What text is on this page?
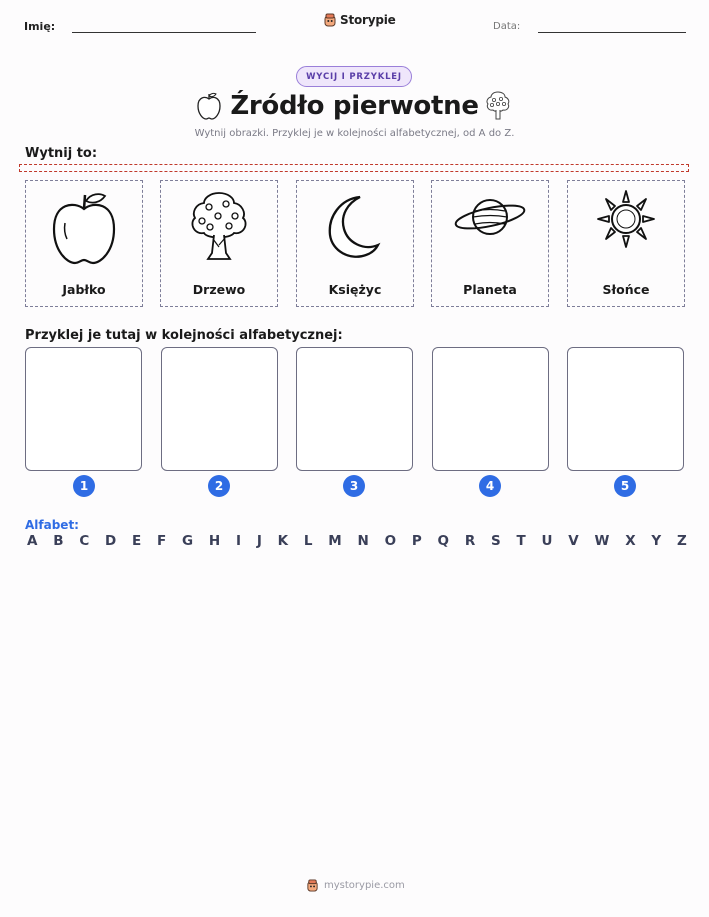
Imię:	Storypie	Data:
WYCIJ I PRZYKLEJ
Źródło pierwotne
Wytnij obrazki. Przyklej je w kolejności alfabetycznej, od A do Z.
Wytnij to:
Jabłko	Drzewo	Księżyc	Planeta	Słońce
Przyklej je tutaj w kolejności alfabetycznej:
1	2	3	4	5
Alfabet:
A B C D E F G H I J K L M N O P Q R S T U V W X Y Z
mystorypie.com
